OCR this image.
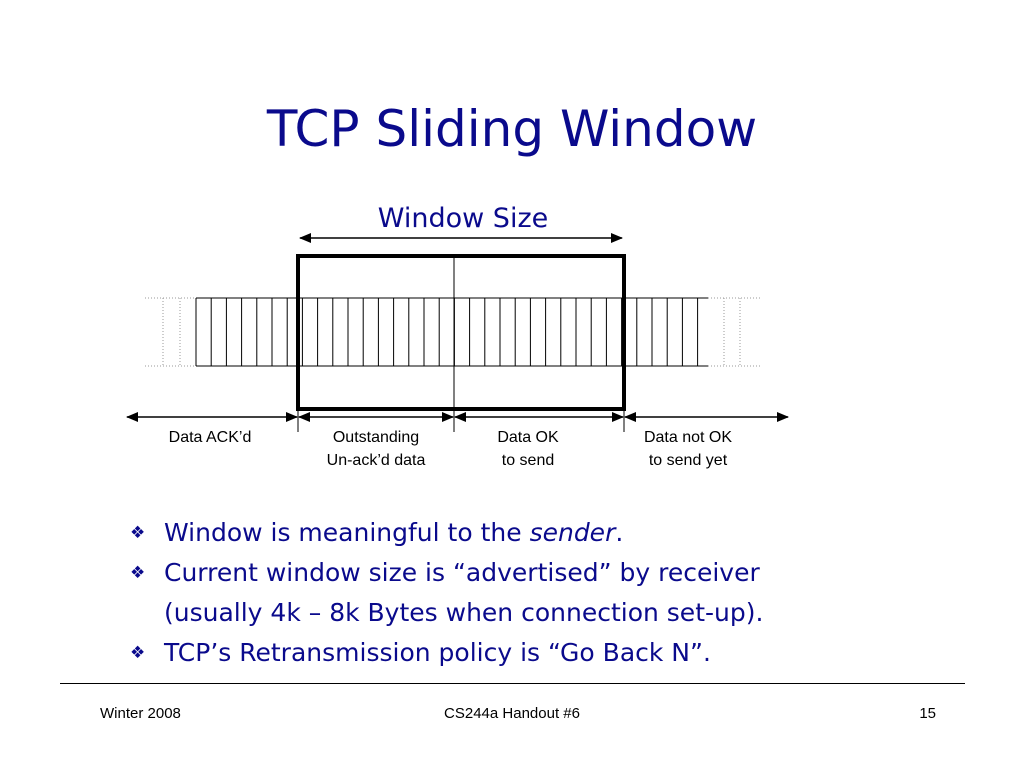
TCP Sliding Window
Window Size
Data ACK’d	Outstanding
Un-ack’d data
Data OK
to send
Data not OK
to send yet
❖ Window is meaningful to the sender.
❖ Current window size is “advertised” by receiver
(usually 4k – 8k Bytes when connection set-up).
❖ TCP’s Retransmission policy is “Go Back N”.
Winter 2008	CS244a Handout #6	15
